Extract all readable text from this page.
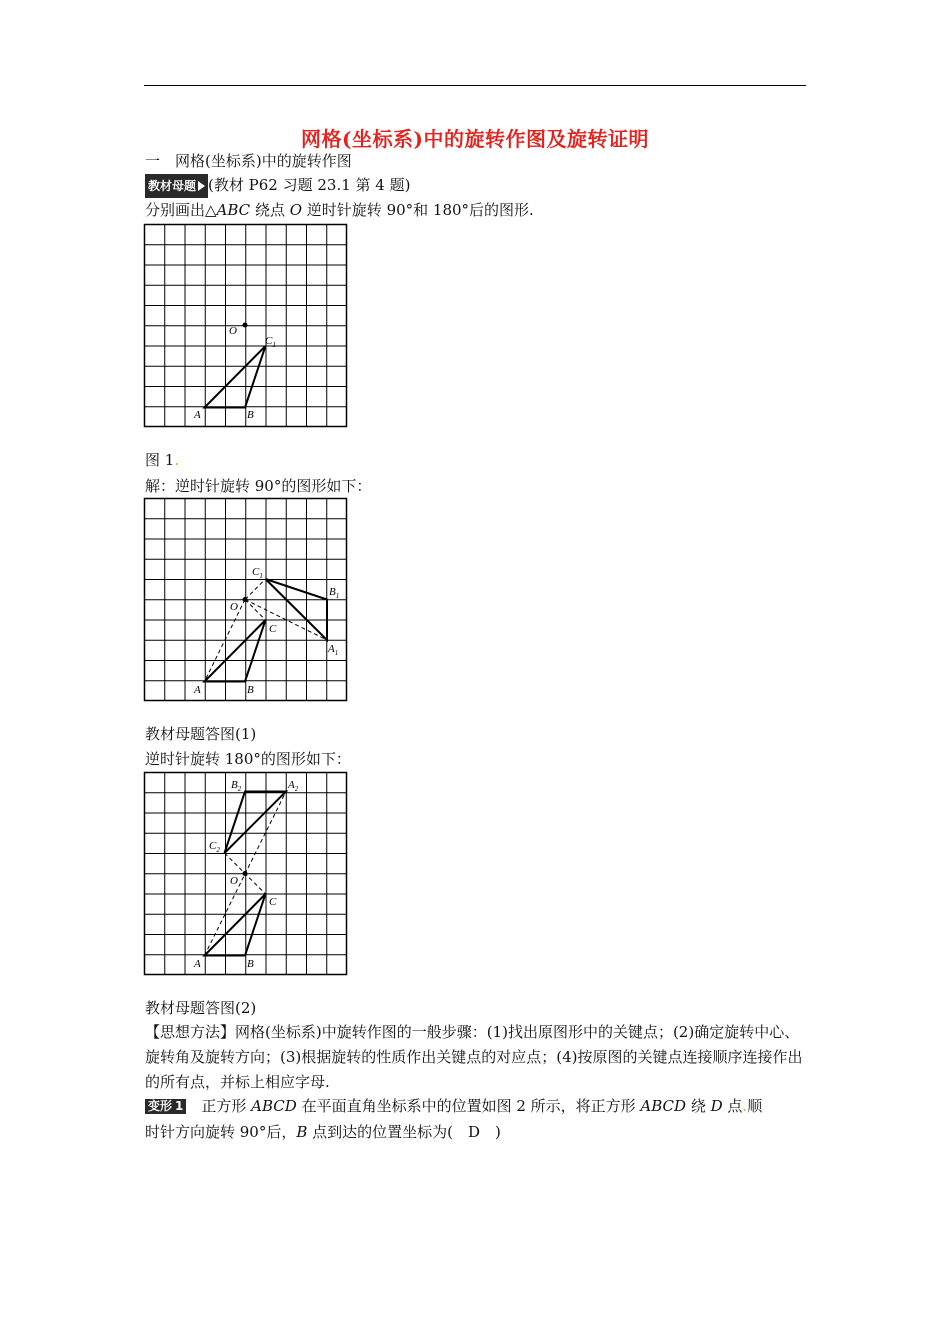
网格(坐标系)中的旋转作图及旋转证明
一　网格(坐标系)中的旋转作图
教材母题 (教材 P62 习题 23.1 第 4 题)
分别画出△ABC 绕点 O 逆时针旋转 90°和 180°后的图形.
O
$C_1$
A	B
图 1.
解：逆时针旋转 90°的图形如下：
$C_1$
$B_1$
O
C
$A_1$
A	B
教材母题答图(1)
逆时针旋转 180°的图形如下：
$B_2$	$A_2$
$C_2$
O
C
A	B
教材母题答图(2)
【思想方法】网格(坐标系)中旋转作图的一般步骤：(1)找出原图形中的关键点；(2)确定旋转中心、旋转角及旋转方向；(3)根据旋转的性质作出关键点的对应点；(4)按原图的关键点连接顺序连接作出的所有点，并标上相应字母.
变形 1　正方形 ABCD 在平面直角坐标系中的位置如图 2 所示，将正方形 ABCD 绕 D 点.顺
时针方向旋转 90°后，B 点到达的位置坐标为(　D　)
